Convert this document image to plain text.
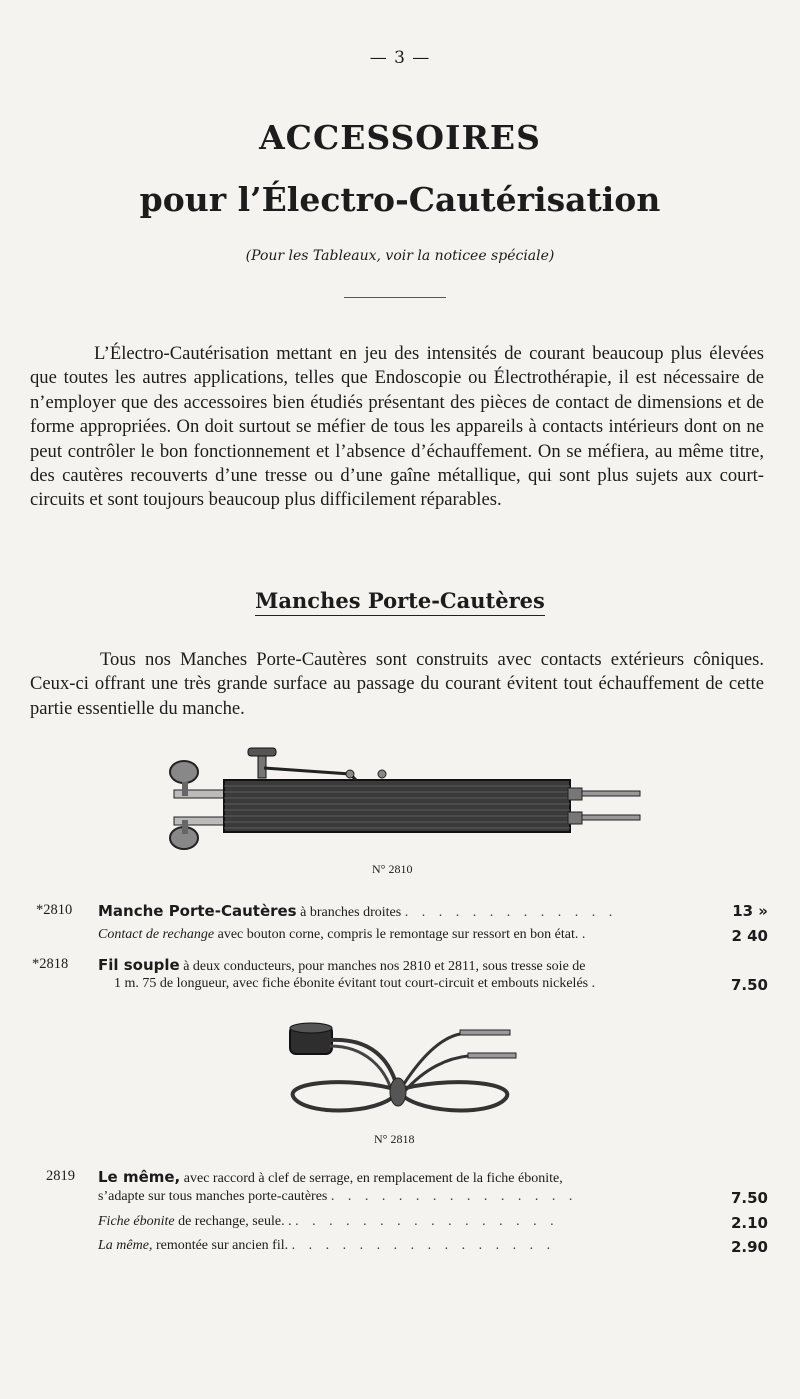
— 3 —
ACCESSOIRES
pour l’Électro-Cautérisation
(Pour les Tableaux, voir la noticee spéciale)

L’Électro-Cautérisation mettant en jeu des intensités de courant beaucoup plus élevées que toutes les autres applications, telles que Endoscopie ou Électrothérapie, il est nécessaire de n’employer que des accessoires bien étudiés présentant des pièces de contact de dimensions et de forme appropriées. On doit surtout se méfier de tous les appareils à contacts intérieurs dont on ne peut contrôler le bon fonctionnement et l’absence d’échauffement. On se méfiera, au même titre, des cautères recouverts d’une tresse ou d’une gaîne métallique, qui sont plus sujets aux court-circuits et sont toujours beaucoup plus difficilement réparables.

Manches Porte-Cautères

Tous nos Manches Porte-Cautères sont construits avec contacts extérieurs côniques. Ceux-ci offrant une très grande surface au passage du courant évitent tout échauffement de cette partie essentielle du manche.

N° 2810
*2810 Manche Porte-Cautères à branches droites . . . . . . . . . . . . .	13 »
Contact de rechange avec bouton corne, compris le remontage sur ressort en bon état. .	2 40
*2818 Fil souple à deux conducteurs, pour manches nos 2810 et 2811, sous tresse soie de
1 m. 75 de longueur, avec fiche ébonite évitant tout court-circuit et embouts nickelés .	7.50
N° 2818
2819 Le même, avec raccord à clef de serrage, en remplacement de la fiche ébonite,
s’adapte sur tous manches porte-cautères . . . . . . . . . . . . . . .	7.50
Fiche ébonite de rechange, seule. . . . . . . . . . . . . . . . . .	2.10
La même, remontée sur ancien fil. . . . . . . . . . . . . . . . .	2.90
